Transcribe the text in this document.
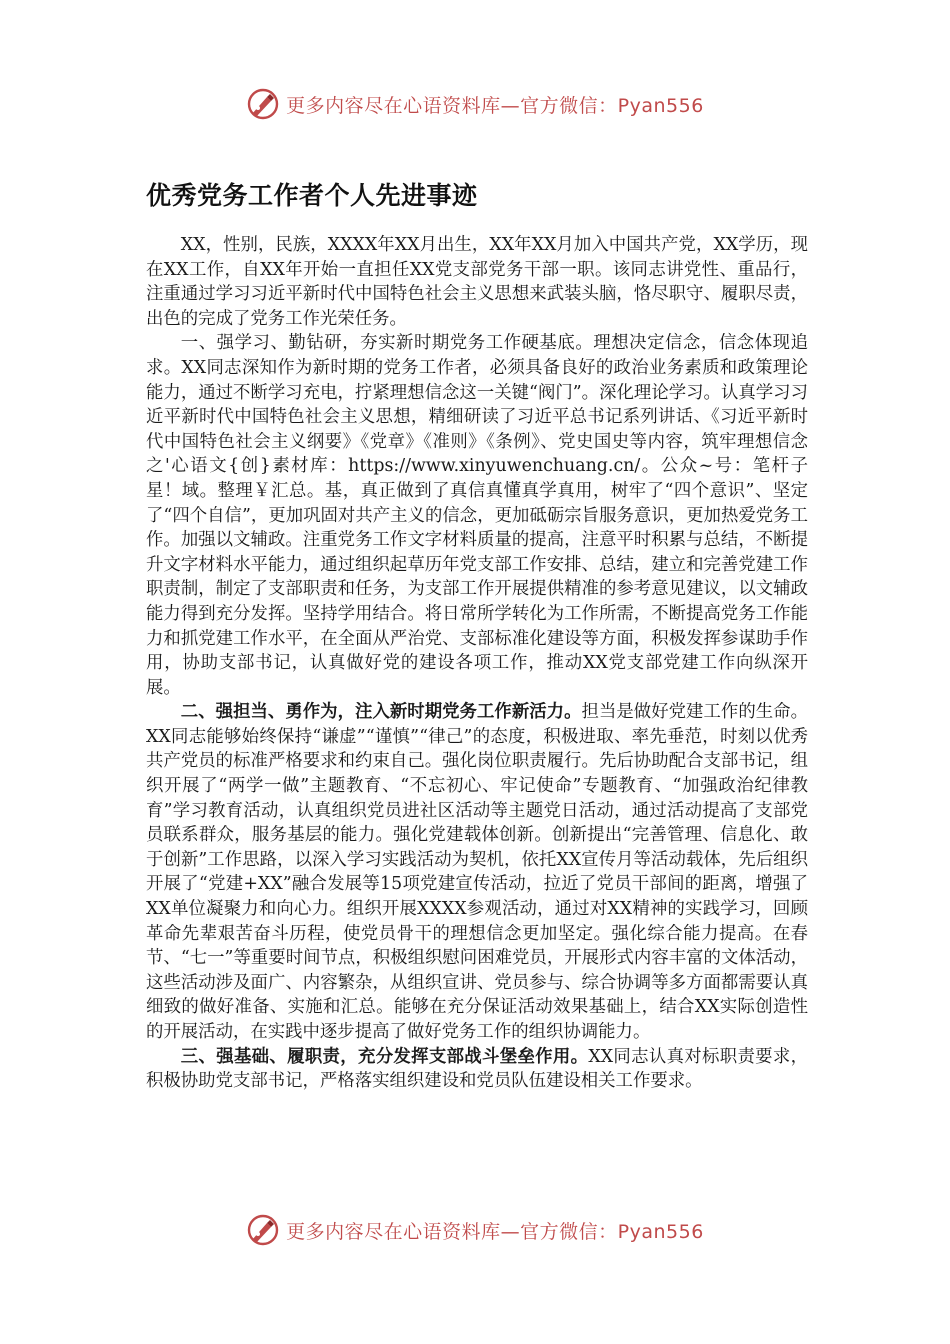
更多内容尽在心语资料库—官方微信：Pyan556
优秀党务工作者个人先进事迹

XX，性别，民族，XXXX年XX月出生，XX年XX月加入中国共产党，XX学历，现在XX工作，自XX年开始一直担任XX党支部党务干部一职。该同志讲党性、重品行，注重通过学习习近平新时代中国特色社会主义思想来武装头脑，恪尽职守、履职尽责，出色的完成了党务工作光荣任务。

一、强学习、勤钻研，夯实新时期党务工作硬基底。理想决定信念，信念体现追求。XX同志深知作为新时期的党务工作者，必须具备良好的政治业务素质和政策理论能力，通过不断学习充电，拧紧理想信念这一关键“阀门”。深化理论学习。认真学习习近平新时代中国特色社会主义思想，精细研读了习近平总书记系列讲话、《习近平新时代中国特色社会主义纲要》《党章》《准则》《条例》、党史国史等内容，筑牢理想信念之'心语文{创}素材库：https://www.xinyuwenchuang.cn/。公众~号：笔杆子星！域。整理￥汇总。基，真正做到了真信真懂真学真用，树牢了“四个意识”、坚定了“四个自信”，更加巩固对共产主义的信念，更加砥砺宗旨服务意识，更加热爱党务工作。加强以文辅政。注重党务工作文字材料质量的提高，注意平时积累与总结，不断提升文字材料水平能力，通过组织起草历年党支部工作安排、总结，建立和完善党建工作职责制，制定了支部职责和任务，为支部工作开展提供精准的参考意见建议，以文辅政能力得到充分发挥。坚持学用结合。将日常所学转化为工作所需，不断提高党务工作能力和抓党建工作水平，在全面从严治党、支部标准化建设等方面，积极发挥参谋助手作用，协助支部书记，认真做好党的建设各项工作，推动XX党支部党建工作向纵深开展。

二、强担当、勇作为，注入新时期党务工作新活力。担当是做好党建工作的生命。XX同志能够始终保持“谦虚”“谨慎”“律己”的态度，积极进取、率先垂范，时刻以优秀共产党员的标准严格要求和约束自己。强化岗位职责履行。先后协助配合支部书记，组织开展了“两学一做”主题教育、“不忘初心、牢记使命”专题教育、“加强政治纪律教育”学习教育活动，认真组织党员进社区活动等主题党日活动，通过活动提高了支部党员联系群众，服务基层的能力。强化党建载体创新。创新提出“完善管理、信息化、敢于创新”工作思路，以深入学习实践活动为契机，依托XX宣传月等活动载体，先后组织开展了“党建+XX”融合发展等15项党建宣传活动，拉近了党员干部间的距离，增强了XX单位凝聚力和向心力。组织开展XXXX参观活动，通过对XX精神的实践学习，回顾革命先辈艰苦奋斗历程，使党员骨干的理想信念更加坚定。强化综合能力提高。在春节、“七一”等重要时间节点，积极组织慰问困难党员，开展形式内容丰富的文体活动，这些活动涉及面广、内容繁杂，从组织宣讲、党员参与、综合协调等多方面都需要认真细致的做好准备、实施和汇总。能够在充分保证活动效果基础上，结合XX实际创造性的开展活动，在实践中逐步提高了做好党务工作的组织协调能力。

三、强基础、履职责，充分发挥支部战斗堡垒作用。XX同志认真对标职责要求，积极协助党支部书记，严格落实组织建设和党员队伍建设相关工作要求。

更多内容尽在心语资料库—官方微信：Pyan556
